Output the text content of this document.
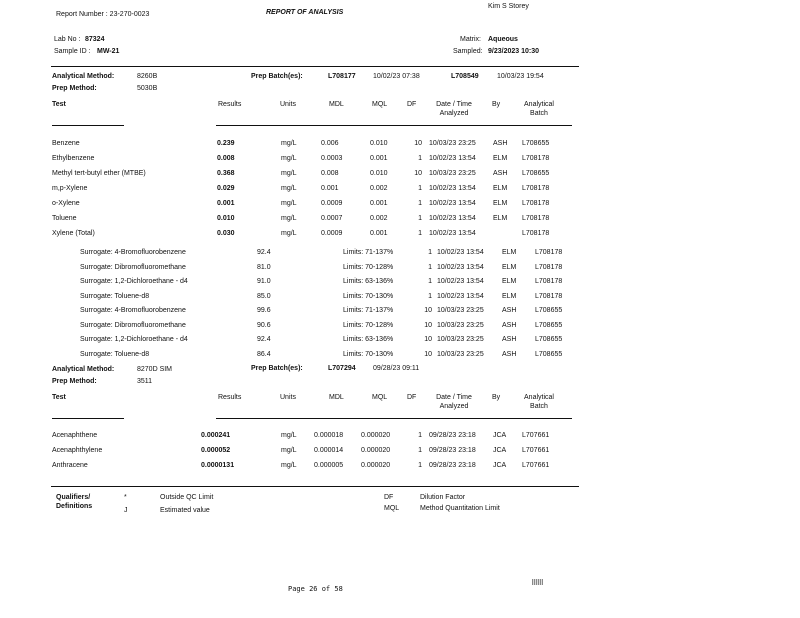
Report Number : 23-270-0023	REPORT OF ANALYSIS
Kim S Storey
Lab No : 87324
Sample ID : MW-21
Matrix: Aqueous
Sampled: 9/23/2023 10:30
Analytical Method:	8260B
Prep Method:	5030B
Prep Batch(es):	L708177 10/02/23 07:38	L708549	10/03/23 19:54
Test	Results	Units	MDL	MQL	DF	Date / Time
Analyzed
By	Analytical
Batch
Benzene	0.239	mg/L	0.006	0.010	10 10/03/23 23:25 ASH L708655
Ethylbenzene	0.008	mg/L	0.0003	0.001	1 10/02/23 13:54 ELM L708178
Methyl tert-butyl ether (MTBE)	0.368	mg/L	0.008	0.010	10 10/03/23 23:25 ASH L708655
m,p-Xylene	0.029	mg/L	0.001	0.002	1 10/02/23 13:54 ELM L708178
o-Xylene	0.001	mg/L	0.0009	0.001	1 10/02/23 13:54 ELM L708178
Toluene	0.010	mg/L	0.0007	0.002	1 10/02/23 13:54 ELM L708178
Xylene (Total)	0.030	mg/L	0.0009	0.001	1 10/02/23 13:54	L708178
Surrogate: 4-Bromofluorobenzene	92.4	Limits: 71-137%	1 10/02/23 13:54	ELM	L708178
Surrogate: Dibromofluoromethane	81.0	Limits: 70-128%	1 10/02/23 13:54	ELM	L708178
Surrogate: 1,2-Dichloroethane - d4	91.0	Limits: 63-136%	1 10/02/23 13:54	ELM	L708178
Surrogate: Toluene-d8	85.0	Limits: 70-130%	1 10/02/23 13:54	ELM	L708178
Surrogate: 4-Bromofluorobenzene	99.6	Limits: 71-137%	10 10/03/23 23:25	ASH	L708655
Surrogate: Dibromofluoromethane	90.6	Limits: 70-128%	10 10/03/23 23:25	ASH	L708655
Surrogate: 1,2-Dichloroethane - d4	92.4	Limits: 63-136%	10 10/03/23 23:25	ASH	L708655
Surrogate: Toluene-d8	86.4	Limits: 70-130%	10 10/03/23 23:25	ASH	L708655
Analytical Method:	8270D SIM
Prep Method:	3511
Prep Batch(es):	L707294 09/28/23 09:11
Test	Results	Units	MDL	MQL	DF	Date / Time
Analyzed
By	Analytical
Batch
Acenaphthene	0.000241	mg/L 0.000018	0.000020	1 09/28/23 23:18 JCA L707661
Acenaphthylene	0.000052	mg/L 0.000014	0.000020	1 09/28/23 23:18 JCA L707661
Anthracene	0.0000131	mg/L 0.000005	0.000020	1 09/28/23 23:18 JCA L707661
Qualifiers/
Definitions
*	Outside QC Limit
J	Estimated value
DF	Dilution Factor
MQL	Method Quantitation Limit
Page 26 of 58
